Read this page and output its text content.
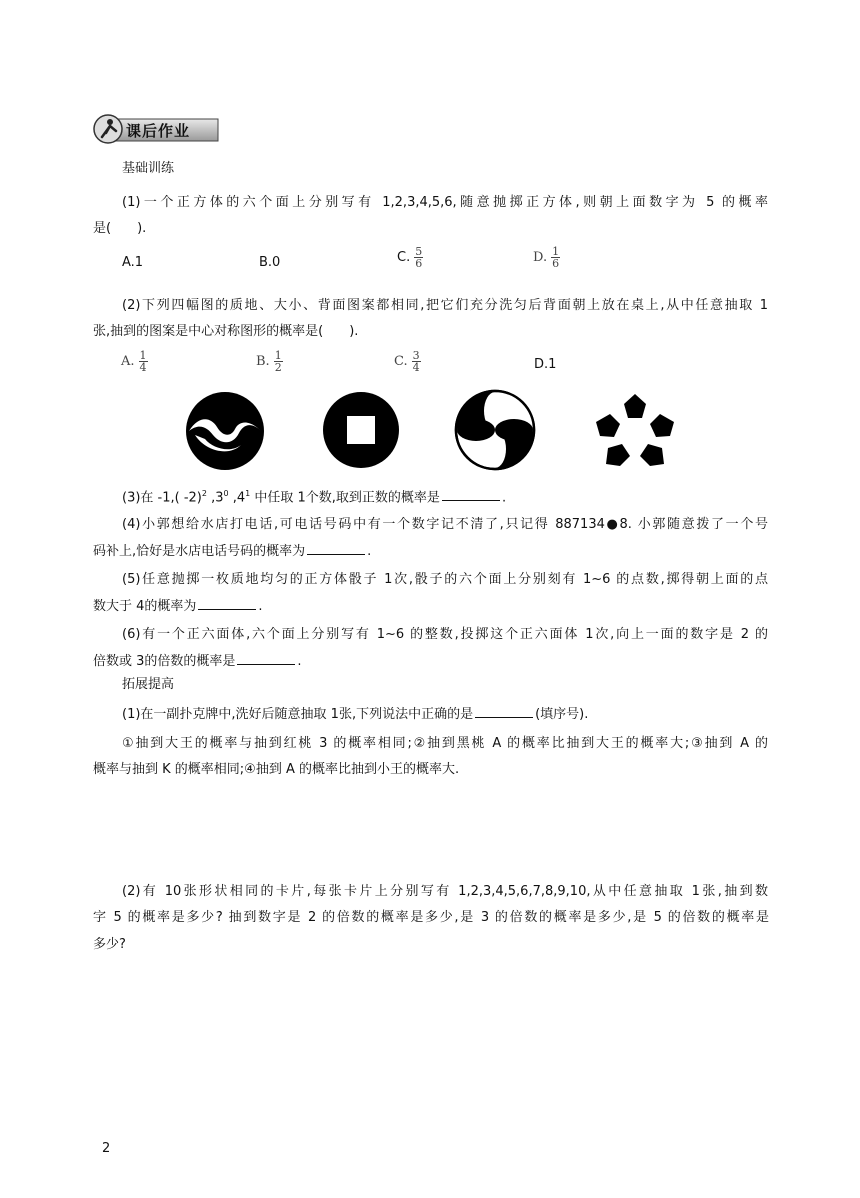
课后作业
基础训练
(1)一个正方体的六个面上分别写有 1,2,3,4,5,6,随意抛掷正方体,则朝上面数字为 5 的概率
是(　　).
A.1	B.0	C. $\frac{5}{6}$	D. $\frac{1}{6}$
(2)下列四幅图的质地、大小、背面图案都相同,把它们充分洗匀后背面朝上放在桌上,从中任意抽取 1
张,抽到的图案是中心对称图形的概率是(　　).
A. $\frac{1}{4}$	B. $\frac{1}{2}$	C. $\frac{3}{4}$	D.1
(3)在 -1,( -2)$^2$ $,3^0$ $,4^1$ 中任取 1个数,取到正数的概率是	.
(4)小郭想给水店打电话,可电话号码中有一个数字记不清了,只记得 887134●8. 小郭随意拨了一个号
码补上,恰好是水店电话号码的概率为	.
(5)任意抛掷一枚质地均匀的正方体骰子 1次,骰子的六个面上分别刻有 1~6 的点数,掷得朝上面的点
数大于 4的概率为	.
(6)有一个正六面体,六个面上分别写有 1~6 的整数,投掷这个正六面体 1次,向上一面的数字是 2 的
倍数或 3的倍数的概率是	.
拓展提高
(1)在一副扑克牌中,洗好后随意抽取 1张,下列说法中正确的是	(填序号).
①抽到大王的概率与抽到红桃 3 的概率相同;②抽到黑桃 A 的概率比抽到大王的概率大;③抽到 A 的
概率与抽到 K 的概率相同;④抽到 A 的概率比抽到小王的概率大.
(2)有 10张形状相同的卡片,每张卡片上分别写有 1,2,3,4,5,6,7,8,9,10,从中任意抽取 1张,抽到数
字 5 的概率是多少? 抽到数字是 2 的倍数的概率是多少,是 3 的倍数的概率是多少,是 5 的倍数的概率是
多少?
2
